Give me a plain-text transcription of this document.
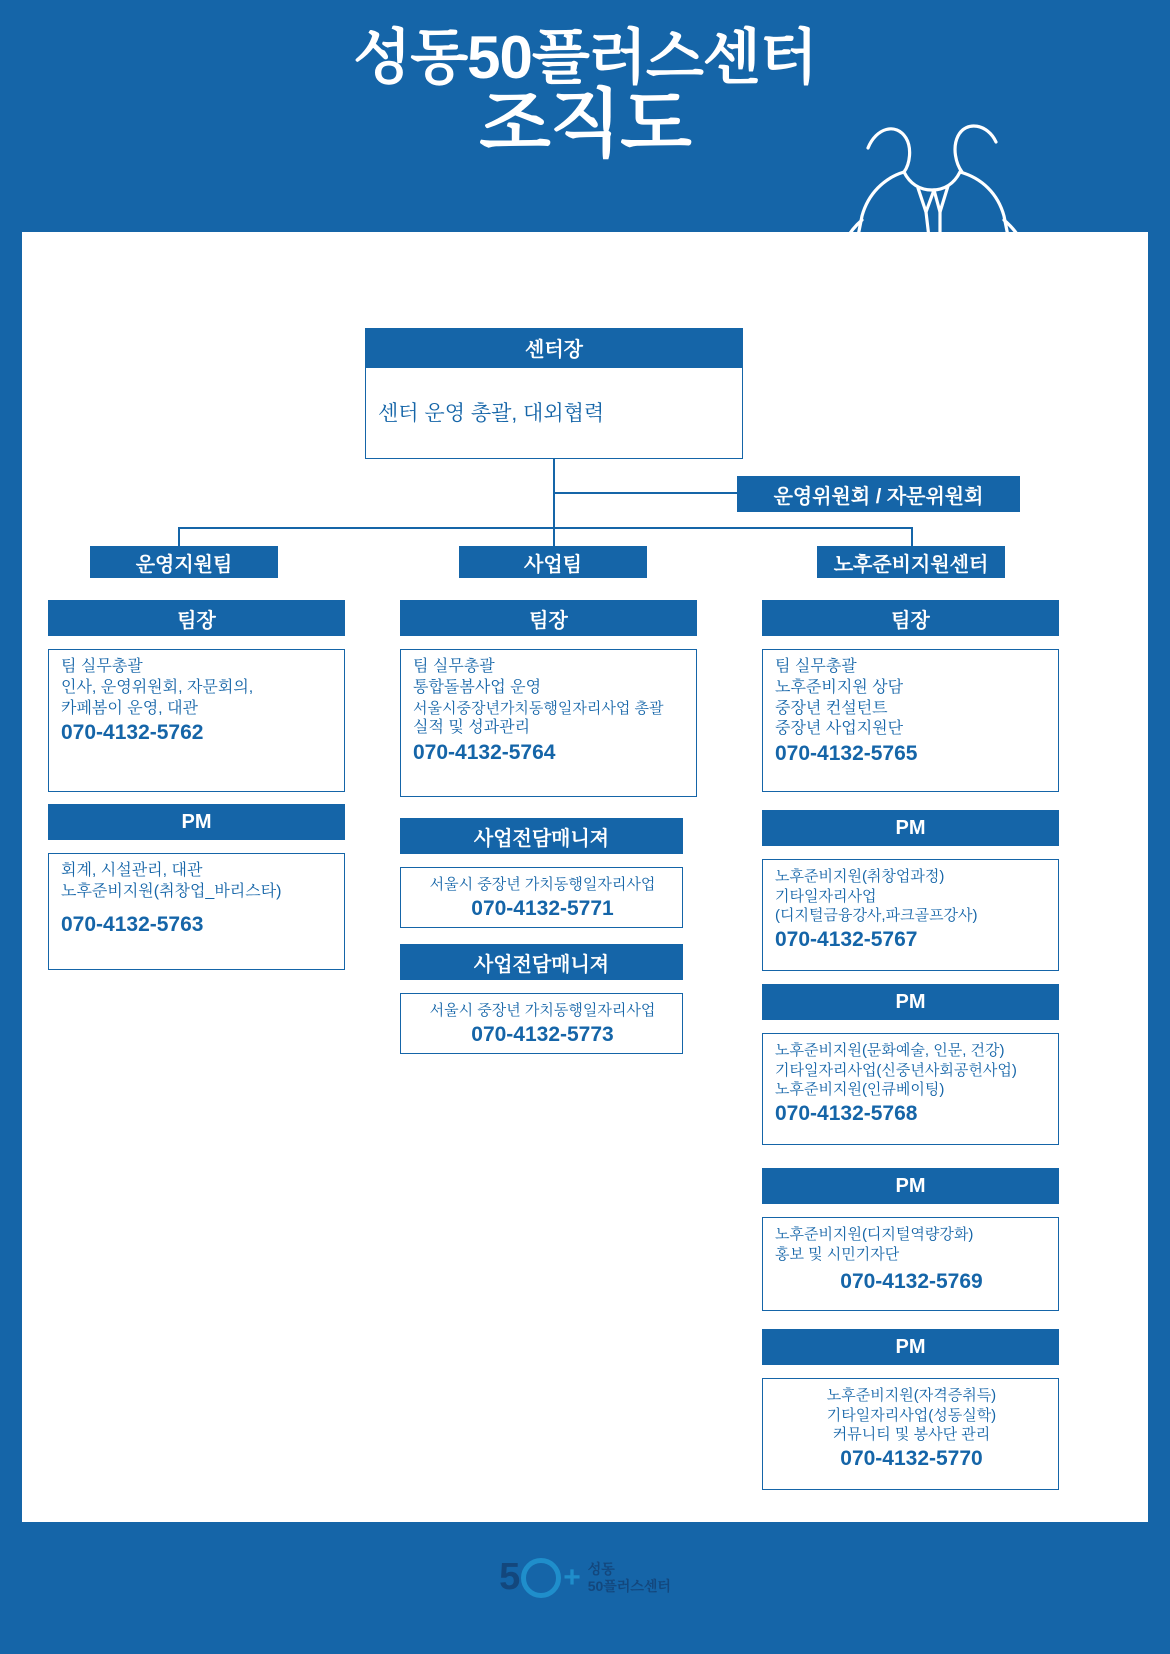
성동50플러스센터
조직도
센터장
센터 운영 총괄, 대외협력
운영위원회 / 자문위원회
운영지원팀
팀장
팀 실무총괄
인사, 운영위원회, 자문회의,
카페봄이 운영, 대관
070-4132-5762
PM
회계, 시설관리, 대관
노후준비지원(취창업_바리스타)
070-4132-5763
사업팀
팀장
팀 실무총괄
통합돌봄사업 운영
서울시중장년가치동행일자리사업 총괄
실적 및 성과관리
070-4132-5764
사업전담매니져
서울시 중장년 가치동행일자리사업
070-4132-5771
사업전담매니져
서울시 중장년 가치동행일자리사업
070-4132-5773
노후준비지원센터
팀장
팀 실무총괄
노후준비지원 상담
중장년 컨설턴트
중장년 사업지원단
070-4132-5765
PM
노후준비지원(취창업과정)
기타일자리사업
(디지털금융강사,파크골프강사)
070-4132-5767
PM
노후준비지원(문화예술, 인문, 건강)
기타일자리사업(신중년사회공헌사업)
노후준비지원(인큐베이팅)
070-4132-5768
PM
노후준비지원(디지털역량강화)
홍보 및 시민기자단
070-4132-5769
PM
노후준비지원(자격증취득)
기타일자리사업(성동실학)
커뮤니티 및 봉사단 관리
070-4132-5770
5 + 성동
50플러스센터
